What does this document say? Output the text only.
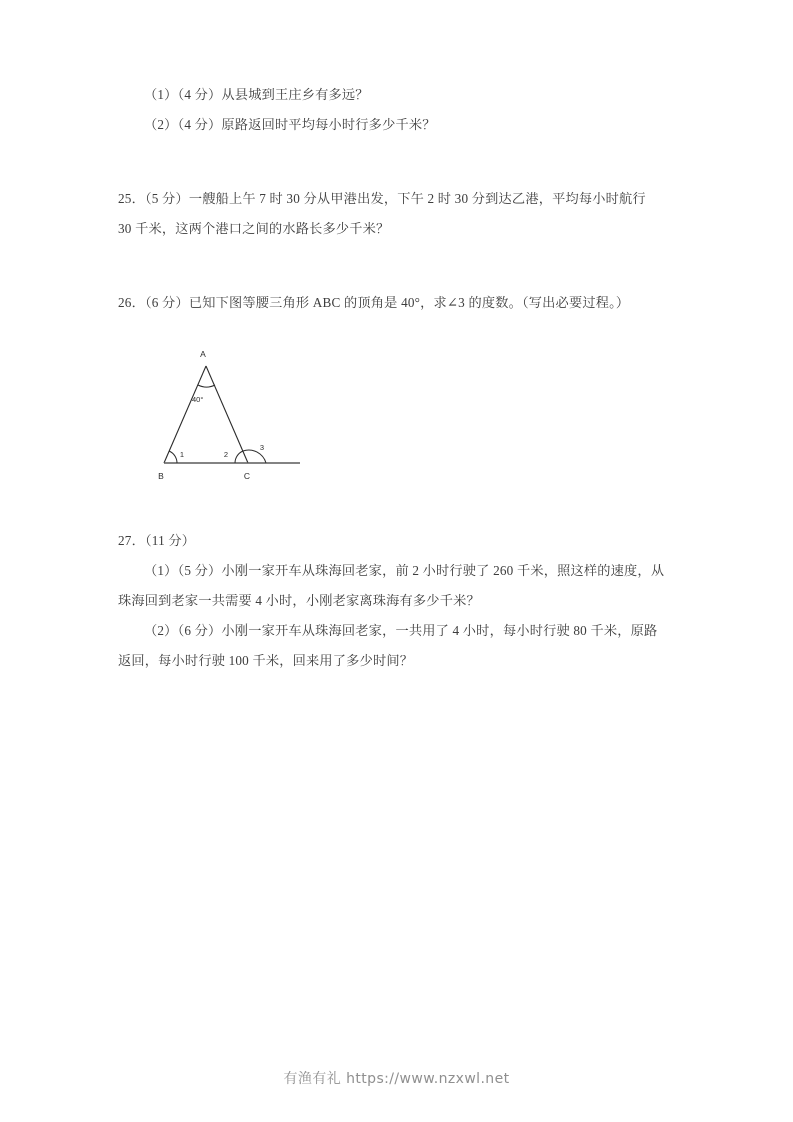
（1）（4 分）从县城到王庄乡有多远？
（2）（4 分）原路返回时平均每小时行多少千米？
25．（5 分）一艘船上午 7 时 30 分从甲港出发，下午 2 时 30 分到达乙港，平均每小时航行
30 千米，这两个港口之间的水路长多少千米？
26．（6 分）已知下图等腰三角形 ABC 的顶角是 40°，求∠3 的度数。（写出必要过程。）
A
B	C
40°
1	2
3
27．（11 分）
（1）（5 分）小刚一家开车从珠海回老家，前 2 小时行驶了 260 千米，照这样的速度，从
珠海回到老家一共需要 4 小时，小刚老家离珠海有多少千米？
（2）（6 分）小刚一家开车从珠海回老家，一共用了 4 小时，每小时行驶 80 千米，原路
返回，每小时行驶 100 千米，回来用了多少时间？
有渔有礼 https://www.nzxwl.net
